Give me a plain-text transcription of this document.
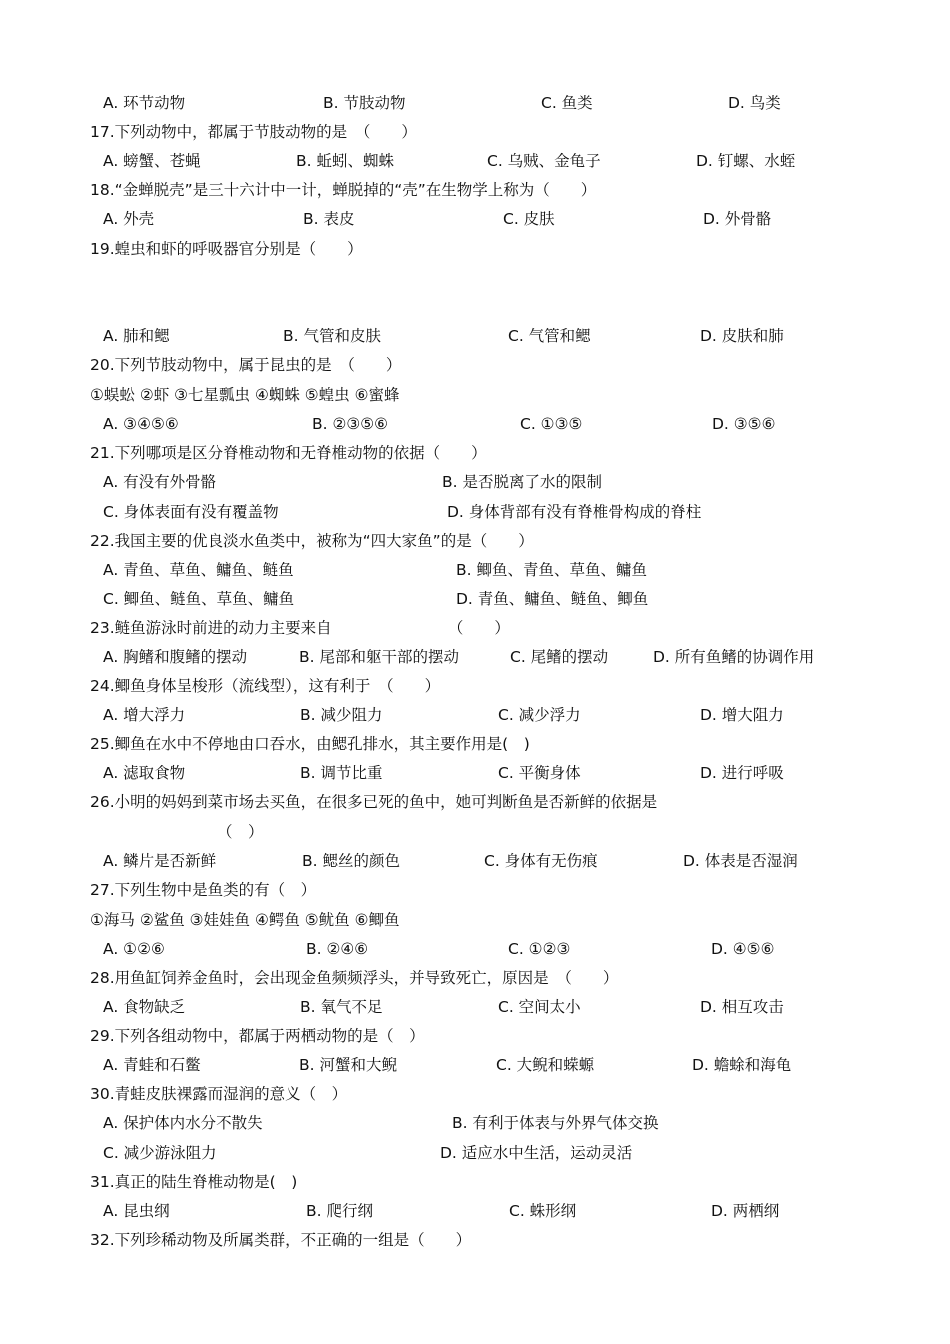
A. 环节动物	B. 节肢动物	C. 鱼类	D. 鸟类
17.下列动物中，都属于节肢动物的是　（　　）
A. 螃蟹、苍蝇	B. 蚯蚓、蜘蛛	C. 乌贼、金龟子	D. 钉螺、水蛭
18.“金蝉脱壳”是三十六计中一计，蝉脱掉的“壳”在生物学上称为（　　）
A. 外壳	B. 表皮	C. 皮肤	D. 外骨骼
19.蝗虫和虾的呼吸器官分别是（　　）
A. 肺和鳃	B. 气管和皮肤	C. 气管和鳃	D. 皮肤和肺
20.下列节肢动物中，属于昆虫的是　（　　）
①蜈蚣 ②虾 ③七星瓢虫 ④蜘蛛 ⑤蝗虫 ⑥蜜蜂
A. ③④⑤⑥	B. ②③⑤⑥	C. ①③⑤	D. ③⑤⑥
21.下列哪项是区分脊椎动物和无脊椎动物的依据（　　）
A. 有没有外骨骼	B. 是否脱离了水的限制
C. 身体表面有没有覆盖物	D. 身体背部有没有脊椎骨构成的脊柱
22.我国主要的优良淡水鱼类中，被称为“四大家鱼”的是（　　）
A. 青鱼、草鱼、鳙鱼、鲢鱼	B. 鲫鱼、青鱼、草鱼、鳙鱼
C. 鲫鱼、鲢鱼、草鱼、鳙鱼	D. 青鱼、鳙鱼、鲢鱼、鲫鱼
23.鲢鱼游泳时前进的动力主要来自　　　　　　　　（　　）
A. 胸鳍和腹鳍的摆动	B. 尾部和躯干部的摆动	C. 尾鳍的摆动	D. 所有鱼鳍的协调作用
24.鲫鱼身体呈梭形（流线型），这有利于　（　　）
A. 增大浮力	B. 减少阻力	C. 减少浮力	D. 增大阻力
25.鲫鱼在水中不停地由口吞水，由鳃孔排水，其主要作用是(　)
A. 滤取食物	B. 调节比重	C. 平衡身体	D. 进行呼吸
26.小明的妈妈到菜市场去买鱼，在很多已死的鱼中，她可判断鱼是否新鲜的依据是
（　）
A. 鳞片是否新鲜	B. 鳃丝的颜色	C. 身体有无伤痕	D. 体表是否湿润
27.下列生物中是鱼类的有（　）
①海马 ②鲨鱼 ③娃娃鱼 ④鳄鱼 ⑤鱿鱼 ⑥鲫鱼
A. ①②⑥	B. ②④⑥	C. ①②③	D. ④⑤⑥
28.用鱼缸饲养金鱼时，会出现金鱼频频浮头，并导致死亡，原因是　（　　）
A. 食物缺乏	B. 氧气不足	C. 空间太小	D. 相互攻击
29.下列各组动物中，都属于两栖动物的是（　）
A. 青蛙和石鳖	B. 河蟹和大鲵	C. 大鲵和蝾螈	D. 蟾蜍和海龟
30.青蛙皮肤裸露而湿润的意义（　）
A. 保护体内水分不散失	B. 有利于体表与外界气体交换
C. 减少游泳阻力	D. 适应水中生活，运动灵活
31.真正的陆生脊椎动物是(　)
A. 昆虫纲	B. 爬行纲	C. 蛛形纲	D. 两栖纲
32.下列珍稀动物及所属类群，不正确的一组是（　　）
